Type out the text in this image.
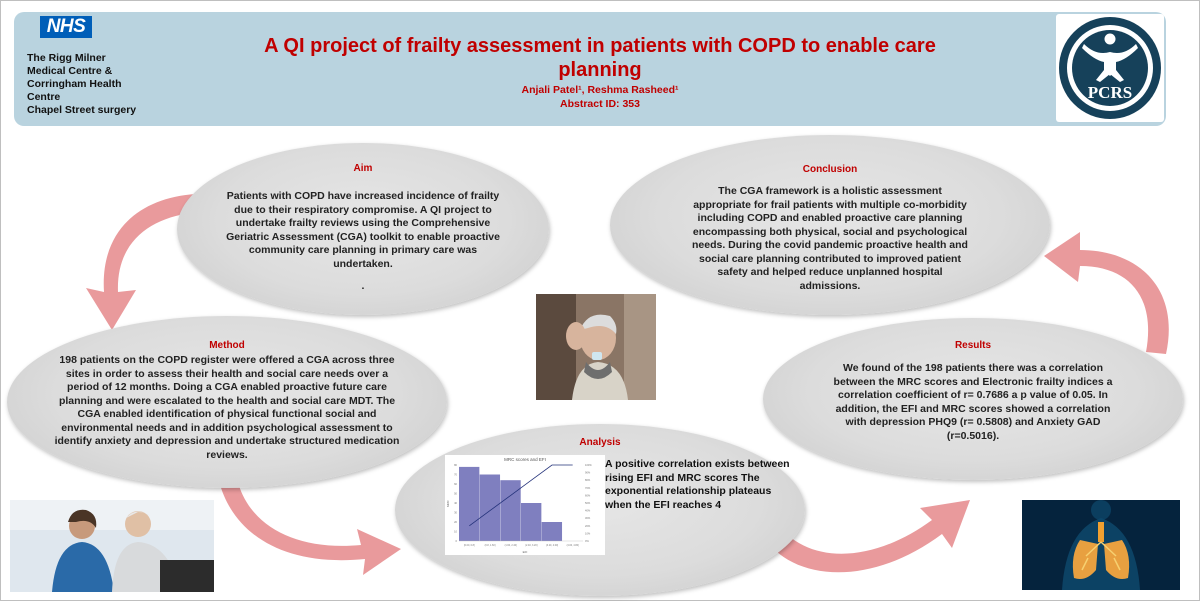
NHS
The Rigg Milner
Medical Centre &
Corringham Health
Centre
Chapel Street surgery
A QI project of frailty assessment in patients with COPD to enable care planning
Anjali Patel¹, Reshma Rasheed¹
Abstract ID: 353
PCRS
Aim
Patients with COPD have increased incidence of frailty due to their respiratory compromise. A QI project to undertake frailty reviews using the Comprehensive Geriatric Assessment (CGA) toolkit to enable proactive community care planning in primary care was undertaken.
.
Conclusion
The CGA framework is a holistic assessment appropriate for frail patients with multiple co-morbidity including COPD and enabled proactive care planning encompassing both physical, social and psychological needs. During the covid pandemic proactive health and social care planning contributed to improved patient safety and helped reduce unplanned hospital admissions.
Method
198 patients on the COPD register were offered a CGA across three sites in order to assess their health and social care needs over a period of 12 months. Doing a CGA enabled proactive future care planning and were escalated to the health and social care MDT. The CGA enabled identification of physical functional social and environmental needs and in addition psychological assessment to identify anxiety and depression and undertake structured medication reviews.
Results
We found of the 198 patients there was a correlation between the MRC scores and Electronic frailty indices a correlation coefficient of r= 0.7686 a p value of 0.05. In addition, the EFI and MRC scores showed a correlation with depression PHQ9 (r= 0.5808) and Anxiety GAD (r=0.5016).
Analysis
A positive correlation exists between rising EFI and MRC scores The exponential relationship plateaus when the EFI reaches 4
MRC scores and EFI
MRC
EFI
0
10
20
30
40
50
60
70
80
0%
10%
20%
30%
40%
50%
60%
70%
80%
90%
100%
[0.00, 0.8]	(0.8, 1.60]	(1.60, 2.40]	(2.40, 3.20]	(3.20, 4.00]	(4.00, 4.80]
